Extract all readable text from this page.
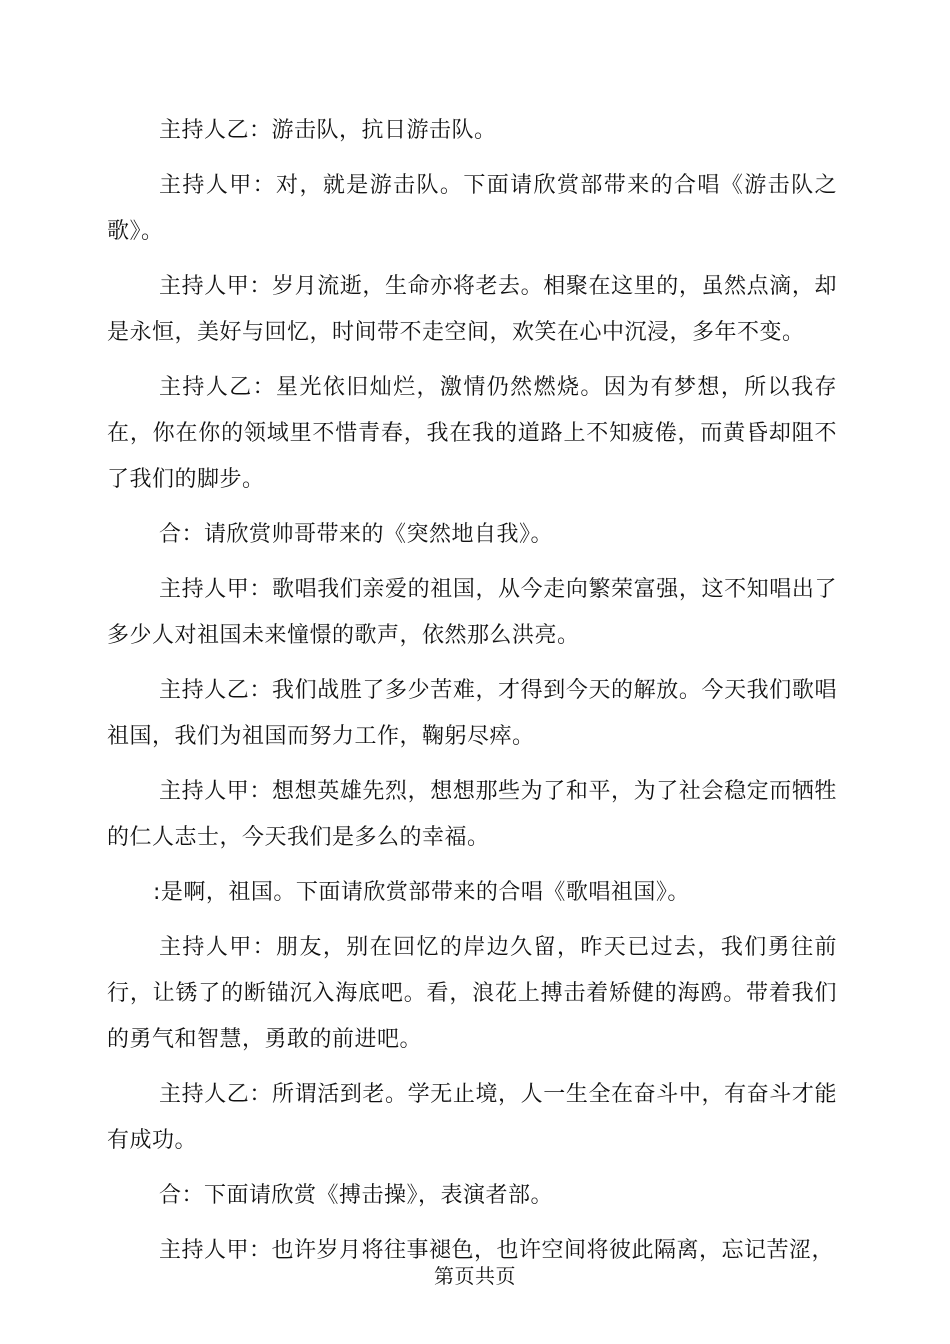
主持人乙：游击队，抗日游击队。

主持人甲：对，就是游击队。下面请欣赏部带来的合唱《游击队之歌》。

主持人甲：岁月流逝，生命亦将老去。相聚在这里的，虽然点滴，却是永恒，美好与回忆，时间带不走空间，欢笑在心中沉浸，多年不变。

主持人乙：星光依旧灿烂，激情仍然燃烧。因为有梦想，所以我存在，你在你的领域里不惜青春，我在我的道路上不知疲倦，而黄昏却阻不了我们的脚步。

合：请欣赏帅哥带来的《突然地自我》。

主持人甲：歌唱我们亲爱的祖国，从今走向繁荣富强，这不知唱出了多少人对祖国未来憧憬的歌声，依然那么洪亮。

主持人乙：我们战胜了多少苦难，才得到今天的解放。今天我们歌唱祖国，我们为祖国而努力工作，鞠躬尽瘁。

主持人甲：想想英雄先烈，想想那些为了和平，为了社会稳定而牺牲的仁人志士，今天我们是多么的幸福。

:是啊，祖国。下面请欣赏部带来的合唱《歌唱祖国》。

主持人甲：朋友，别在回忆的岸边久留，昨天已过去，我们勇往前行，让锈了的断锚沉入海底吧。看，浪花上搏击着矫健的海鸥。带着我们的勇气和智慧，勇敢的前进吧。

主持人乙：所谓活到老。学无止境，人一生全在奋斗中，有奋斗才能有成功。

合：下面请欣赏《搏击操》，表演者部。

主持人甲：也许岁月将往事褪色，也许空间将彼此隔离，忘记苦涩，

第页共页
